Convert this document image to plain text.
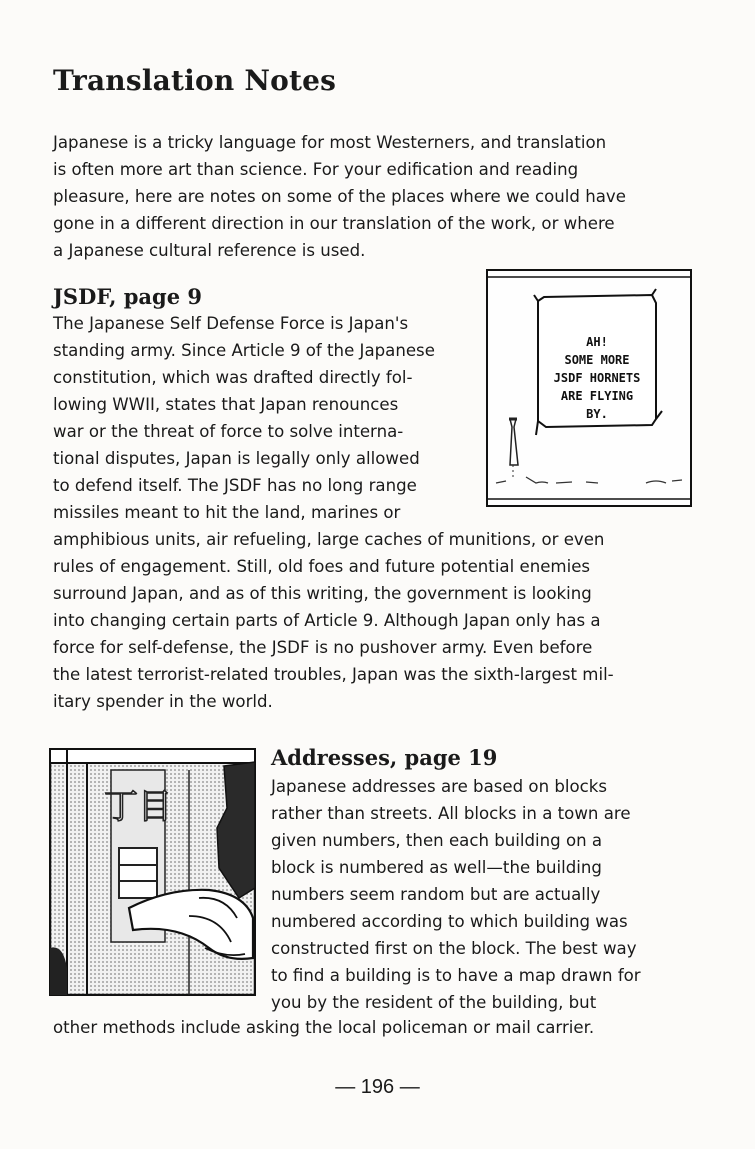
Translation Notes

Japanese is a tricky language for most Westerners, and translation

is often more art than science. For your edification and reading

pleasure, here are notes on some of the places where we could have

gone in a different direction in our translation of the work, or where

a Japanese cultural reference is used.

JSDF, page 9

The Japanese Self Defense Force is Japan's

standing army. Since Article 9 of the Japanese

constitution, which was drafted directly fol-

lowing WWII, states that Japan renounces

war or the threat of force to solve interna-

tional disputes, Japan is legally only allowed

to defend itself. The JSDF has no long range

missiles meant to hit the land, marines or

amphibious units, air refueling, large caches of munitions, or even

rules of engagement. Still, old foes and future potential enemies

surround Japan, and as of this writing, the government is looking

into changing certain parts of Article 9. Although Japan only has a

force for self-defense, the JSDF is no pushover army. Even before

the latest terrorist-related troubles, Japan was the sixth-largest mil-

itary spender in the world.

AH!
SOME MORE
JSDF HORNETS
ARE FLYING
BY.
Addresses, page 19

Japanese addresses are based on blocks

rather than streets. All blocks in a town are

given numbers, then each building on a

block is numbered as well—the building

numbers seem random but are actually

numbered according to which building was

constructed first on the block. The best way

to find a building is to have a map drawn for

you by the resident of the building, but

other methods include asking the local policeman or mail carrier.

丁目
— 196 —
